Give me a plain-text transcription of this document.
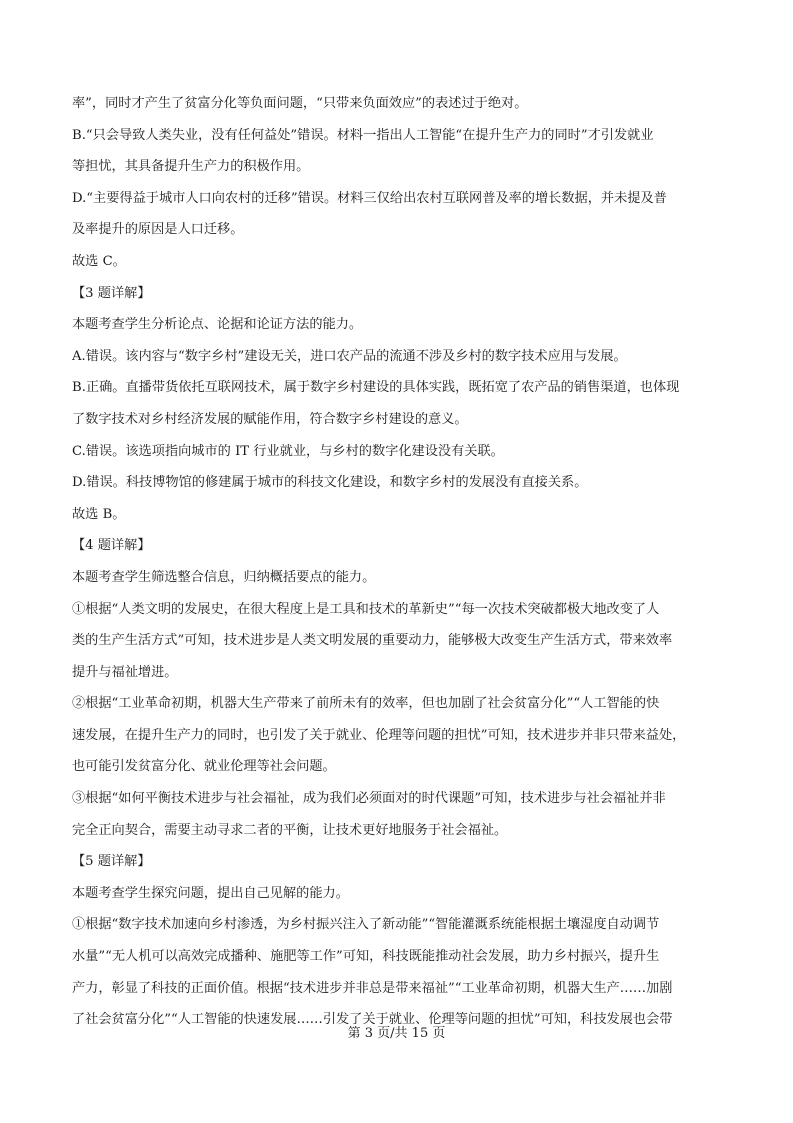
率”，同时才产生了贫富分化等负面问题，“只带来负面效应”的表述过于绝对。
B.“只会导致人类失业，没有任何益处”错误。材料一指出人工智能“在提升生产力的同时”才引发就业
等担忧，其具备提升生产力的积极作用。
D.“主要得益于城市人口向农村的迁移”错误。材料三仅给出农村互联网普及率的增长数据，并未提及普
及率提升的原因是人口迁移。
故选 C。
【3 题详解】
本题考查学生分析论点、论据和论证方法的能力。
A.错误。该内容与“数字乡村”建设无关，进口农产品的流通不涉及乡村的数字技术应用与发展。
B.正确。直播带货依托互联网技术，属于数字乡村建设的具体实践，既拓宽了农产品的销售渠道，也体现
了数字技术对乡村经济发展的赋能作用，符合数字乡村建设的意义。
C.错误。该选项指向城市的 IT 行业就业，与乡村的数字化建设没有关联。
D.错误。科技博物馆的修建属于城市的科技文化建设，和数字乡村的发展没有直接关系。
故选 B。
【4 题详解】
本题考查学生筛选整合信息，归纳概括要点的能力。
①根据“人类文明的发展史，在很大程度上是工具和技术的革新史”“每一次技术突破都极大地改变了人
类的生产生活方式”可知，技术进步是人类文明发展的重要动力，能够极大改变生产生活方式，带来效率
提升与福祉增进。
②根据“工业革命初期，机器大生产带来了前所未有的效率，但也加剧了社会贫富分化”“人工智能的快
速发展，在提升生产力的同时，也引发了关于就业、伦理等问题的担忧”可知，技术进步并非只带来益处，
也可能引发贫富分化、就业伦理等社会问题。
③根据“如何平衡技术进步与社会福祉，成为我们必须面对的时代课题”可知，技术进步与社会福祉并非
完全正向契合，需要主动寻求二者的平衡，让技术更好地服务于社会福祉。
【5 题详解】
本题考查学生探究问题，提出自己见解的能力。
①根据“数字技术加速向乡村渗透，为乡村振兴注入了新动能”“智能灌溉系统能根据土壤湿度自动调节
水量”“无人机可以高效完成播种、施肥等工作”可知，科技既能推动社会发展，助力乡村振兴，提升生
产力，彰显了科技的正面价值。根据“技术进步并非总是带来福祉”“工业革命初期，机器大生产……加剧
了社会贫富分化”“人工智能的快速发展……引发了关于就业、伦理等问题的担忧”可知，科技发展也会带
第 3 页/共 15 页
